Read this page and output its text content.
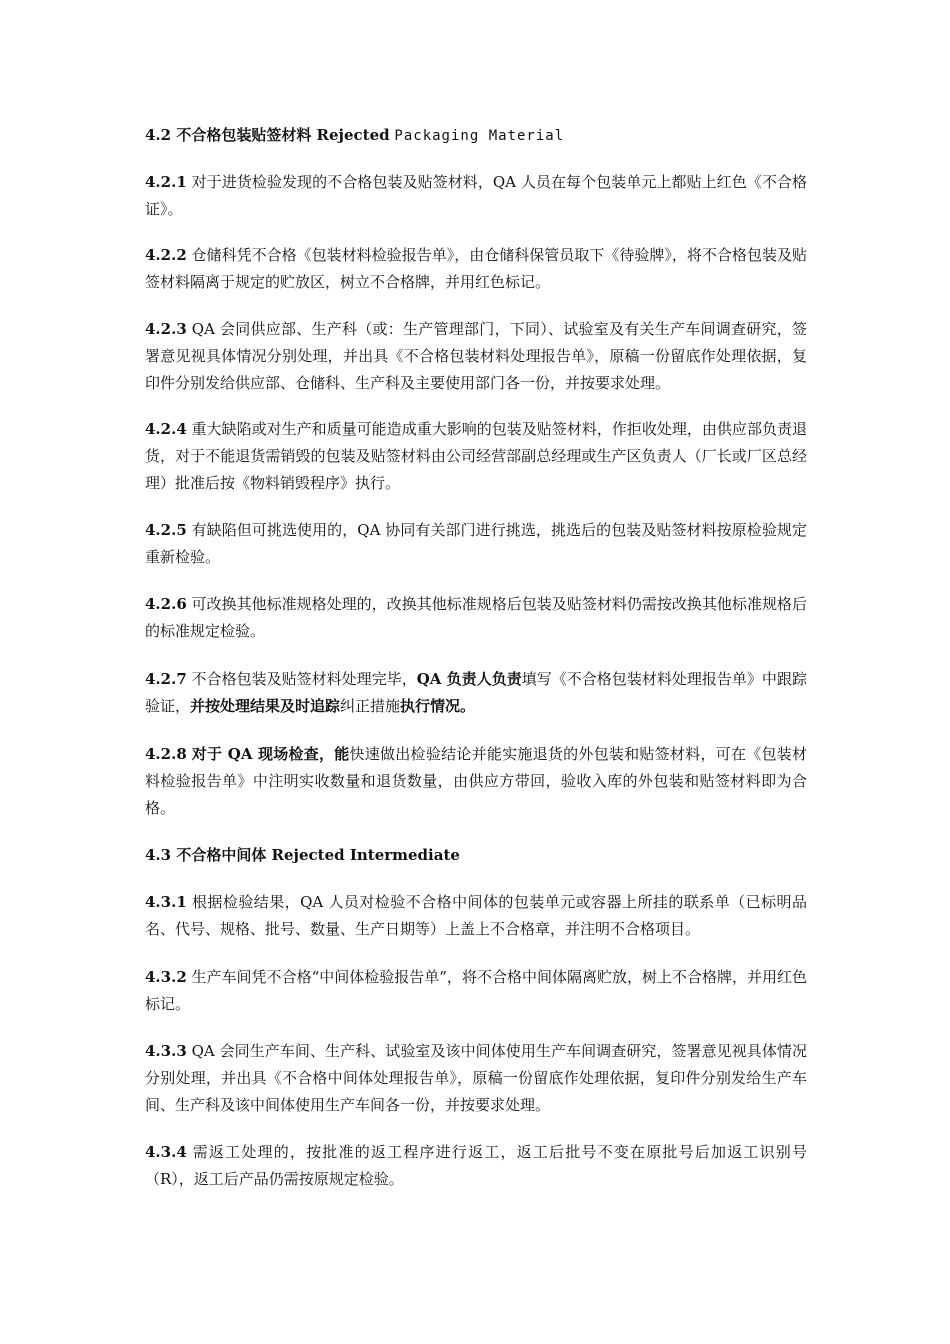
4.2 不合格包装贴签材料 Rejected Packaging Material

4.2.1 对于进货检验发现的不合格包装及贴签材料，QA 人员在每个包装单元上都贴上红色《不合格证》。

4.2.2 仓储科凭不合格《包装材料检验报告单》，由仓储科保管员取下《待验牌》，将不合格包装及贴签材料隔离于规定的贮放区，树立不合格牌，并用红色标记。

4.2.3 QA 会同供应部、生产科（或：生产管理部门，下同）、试验室及有关生产车间调查研究，签署意见视具体情况分别处理，并出具《不合格包装材料处理报告单》，原稿一份留底作处理依据，复印件分别发给供应部、仓储科、生产科及主要使用部门各一份，并按要求处理。

4.2.4 重大缺陷或对生产和质量可能造成重大影响的包装及贴签材料，作拒收处理，由供应部负责退货，对于不能退货需销毁的包装及贴签材料由公司经营部副总经理或生产区负责人（厂长或厂区总经理）批准后按《物料销毁程序》执行。

4.2.5 有缺陷但可挑选使用的，QA 协同有关部门进行挑选，挑选后的包装及贴签材料按原检验规定重新检验。

4.2.6 可改换其他标准规格处理的，改换其他标准规格后包装及贴签材料仍需按改换其他标准规格后的标准规定检验。

4.2.7 不合格包装及贴签材料处理完毕，QA 负责人负责填写《不合格包装材料处理报告单》中跟踪验证，并按处理结果及时追踪纠正措施执行情况。

4.2.8 对于 QA 现场检查，能快速做出检验结论并能实施退货的外包装和贴签材料，可在《包装材料检验报告单》中注明实收数量和退货数量，由供应方带回，验收入库的外包装和贴签材料即为合格。

4.3 不合格中间体 Rejected Intermediate

4.3.1 根据检验结果，QA 人员对检验不合格中间体的包装单元或容器上所挂的联系单（已标明品名、代号、规格、批号、数量、生产日期等）上盖上不合格章，并注明不合格项目。

4.3.2 生产车间凭不合格“中间体检验报告单”，将不合格中间体隔离贮放，树上不合格牌，并用红色标记。

4.3.3 QA 会同生产车间、生产科、试验室及该中间体使用生产车间调查研究，签署意见视具体情况分别处理，并出具《不合格中间体处理报告单》，原稿一份留底作处理依据，复印件分别发给生产车间、生产科及该中间体使用生产车间各一份，并按要求处理。

4.3.4 需返工处理的，按批准的返工程序进行返工，返工后批号不变在原批号后加返工识别号（R），返工后产品仍需按原规定检验。
